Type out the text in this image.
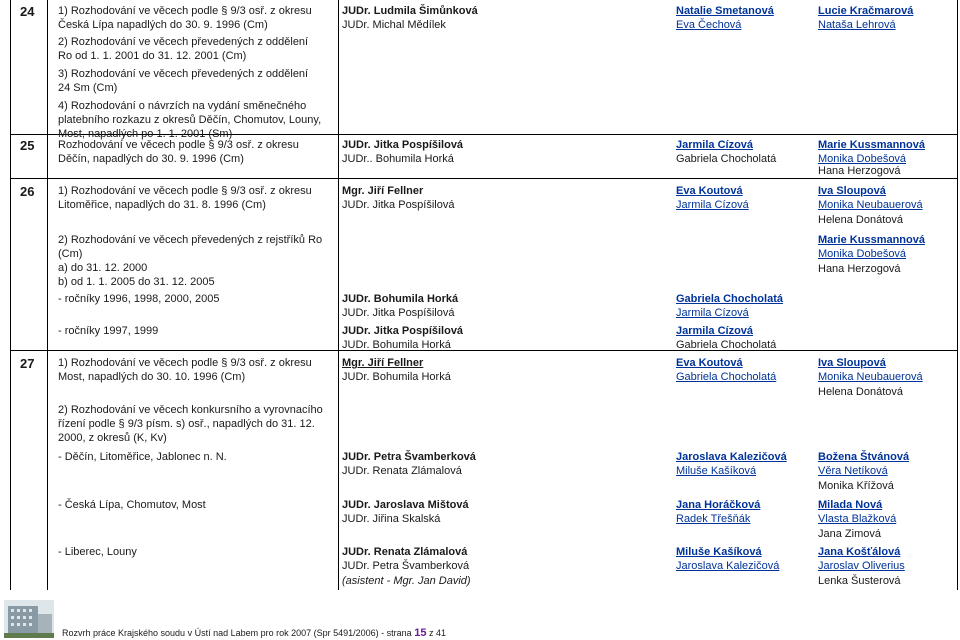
24 1) Rozhodování ve věcech podle § 9/3 osř. z okresu
Česká Lípa napadlých do 30. 9. 1996 (Cm)
2) Rozhodování ve věcech převedených z oddělení
Ro od 1. 1. 2001 do 31. 12. 2001 (Cm)
3) Rozhodování ve věcech převedených z oddělení
24 Sm (Cm)
4) Rozhodování o návrzích na vydání směnečného
platebního rozkazu z okresů Děčín, Chomutov, Louny,
Most, napadlých po 1. 1. 2001 (Sm)
JUDr. Ludmila Šimůnková
JUDr. Michal Mědílek
Natalie Smetanová
Eva Čechová
Lucie Kračmarová
Nataša Lehrová
25 Rozhodování ve věcech podle § 9/3 osř. z okresu
Děčín, napadlých do 30. 9. 1996 (Cm)
JUDr. Jitka Pospíšilová
JUDr.. Bohumila Horká
Jarmila Cízová
Gabriela Chocholatá
Marie Kussmannová
Monika Dobešová
Hana Herzogová
26 1) Rozhodování ve věcech podle § 9/3 osř. z okresu
Litoměřice, napadlých do 31. 8. 1996 (Cm)
2) Rozhodování ve věcech převedených z rejstříků Ro
(Cm)
a) do 31. 12. 2000
b) od 1. 1. 2005 do 31. 12. 2005
- ročníky 1996, 1998, 2000, 2005
- ročníky 1997, 1999
Mgr. Jiří Fellner
JUDr. Jitka Pospíšilová
JUDr. Bohumila Horká
JUDr. Jitka Pospíšilová
JUDr. Jitka Pospíšilová
JUDr. Bohumila Horká
Eva Koutová
Jarmila Cízová
Gabriela Chocholatá
Jarmila Cízová
Jarmila Cízová
Gabriela Chocholatá
Iva Sloupová
Monika Neubauerová
Helena Donátová
Marie Kussmannová
Monika Dobešová
Hana Herzogová
27 1) Rozhodování ve věcech podle § 9/3 osř. z okresu
Most, napadlých do 30. 10. 1996 (Cm)
2) Rozhodování ve věcech konkursního a vyrovnacího
řízení podle § 9/3 písm. s) osř., napadlých do 31. 12.
2000, z okresů (K, Kv)
- Děčín, Litoměřice, Jablonec n. N.
- Česká Lípa, Chomutov, Most
- Liberec, Louny
Mgr. Jiří Fellner
JUDr. Bohumila Horká
JUDr. Petra Švamberková
JUDr. Renata Zlámalová
JUDr. Jaroslava Mištová
JUDr. Jiřina Skalská
JUDr. Renata Zlámalová
JUDr. Petra Švamberková
(asistent - Mgr. Jan David)
Eva Koutová
Gabriela Chocholatá
Jaroslava Kalezičová
Miluše Kašíková
Jana Horáčková
Radek Třešňák
Miluše Kašíková
Jaroslava Kalezičová
Iva Sloupová
Monika Neubauerová
Helena Donátová
Božena Štvánová
Věra Netíková
Monika Křížová
Milada Nová
Vlasta Blažková
Jana Zimová
Jana Košťálová
Jaroslav Oliverius
Lenka Šusterová
Rozvrh práce Krajského soudu v Ústí nad Labem pro rok 2007 (Spr 5491/2006) - strana 15 z 41
